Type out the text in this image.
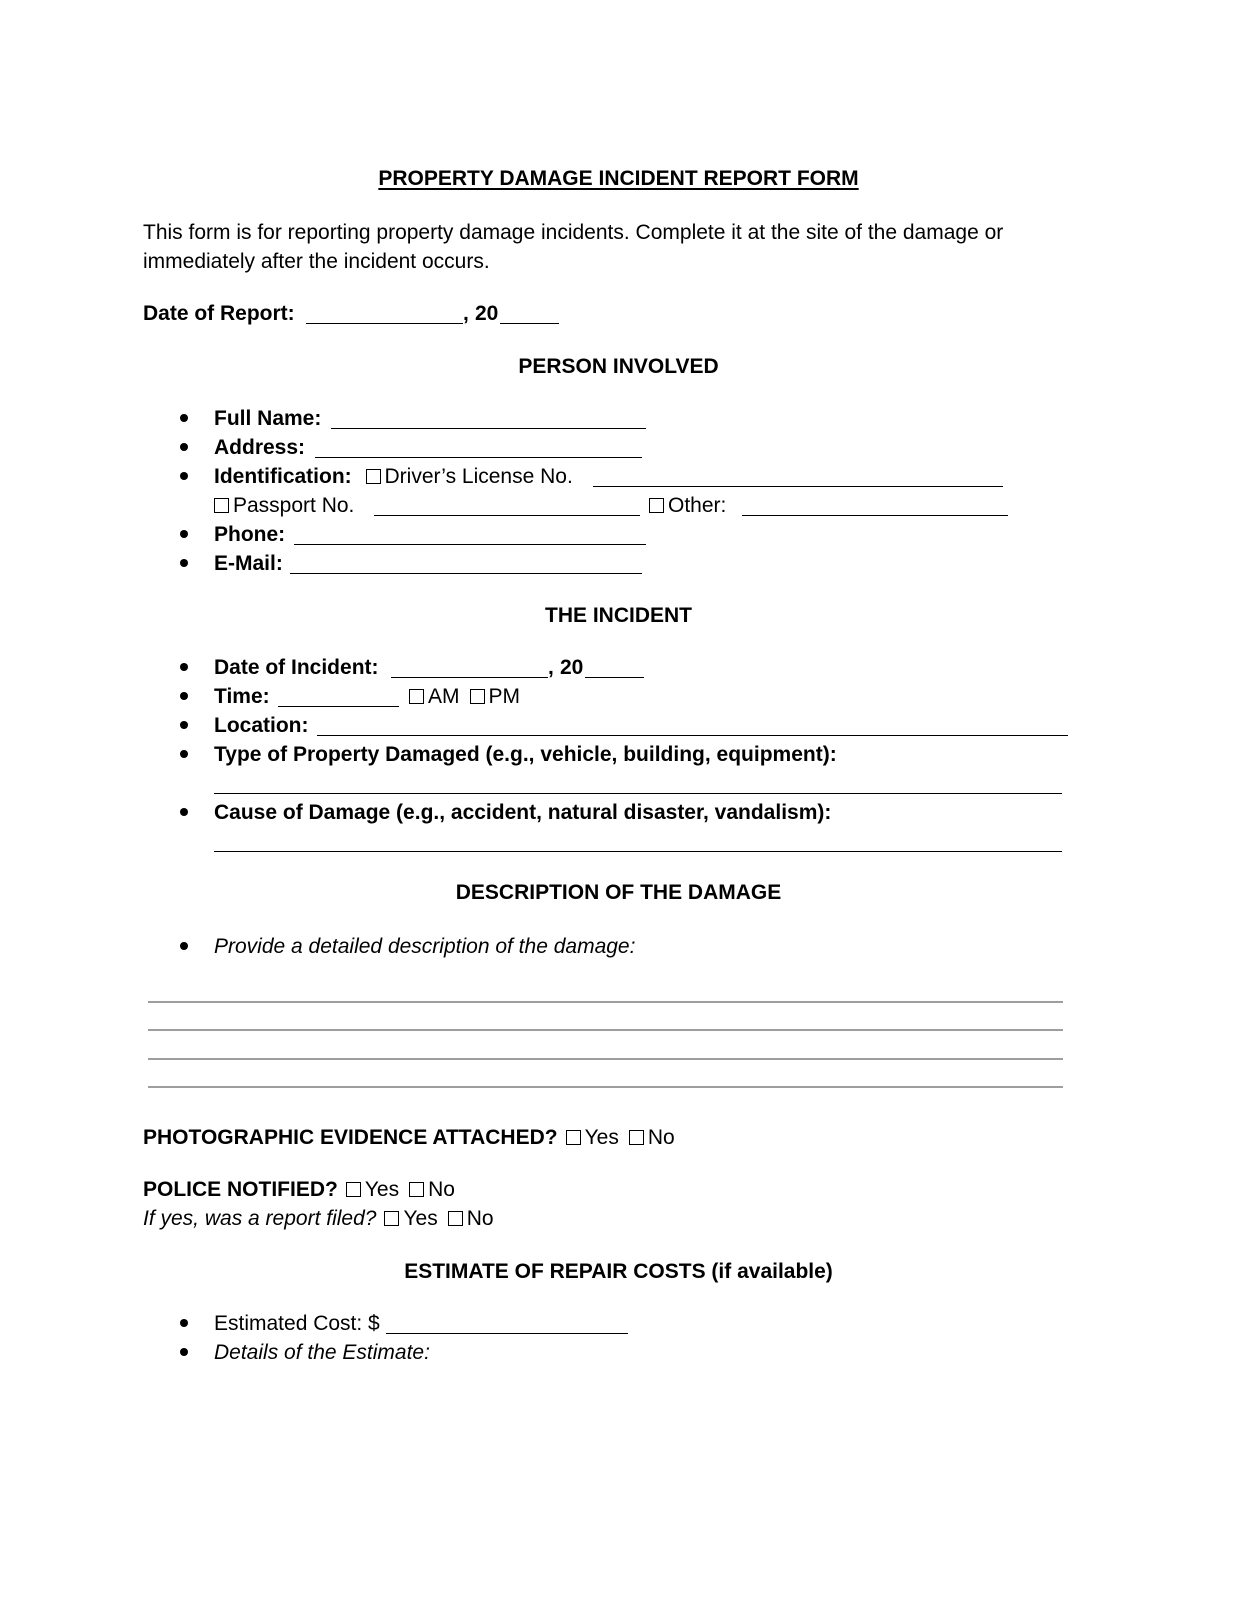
PROPERTY DAMAGE INCIDENT REPORT FORM
This form is for reporting property damage incidents. Complete it at the site of the damage or
immediately after the incident occurs.
Date of Report:	, 20
PERSON INVOLVED
Full Name:
Address:
Identification: Driver’s License No.
Passport No.	Other:
Phone:
E-Mail:
THE INCIDENT
Date of Incident:	, 20
Time:	AM PM
Location:
Type of Property Damaged (e.g., vehicle, building, equipment):
Cause of Damage (e.g., accident, natural disaster, vandalism):
DESCRIPTION OF THE DAMAGE
Provide a detailed description of the damage:
PHOTOGRAPHIC EVIDENCE ATTACHED? Yes No
POLICE NOTIFIED? Yes No
If yes, was a report filed? Yes No
ESTIMATE OF REPAIR COSTS (if available)
Estimated Cost: $
Details of the Estimate:
